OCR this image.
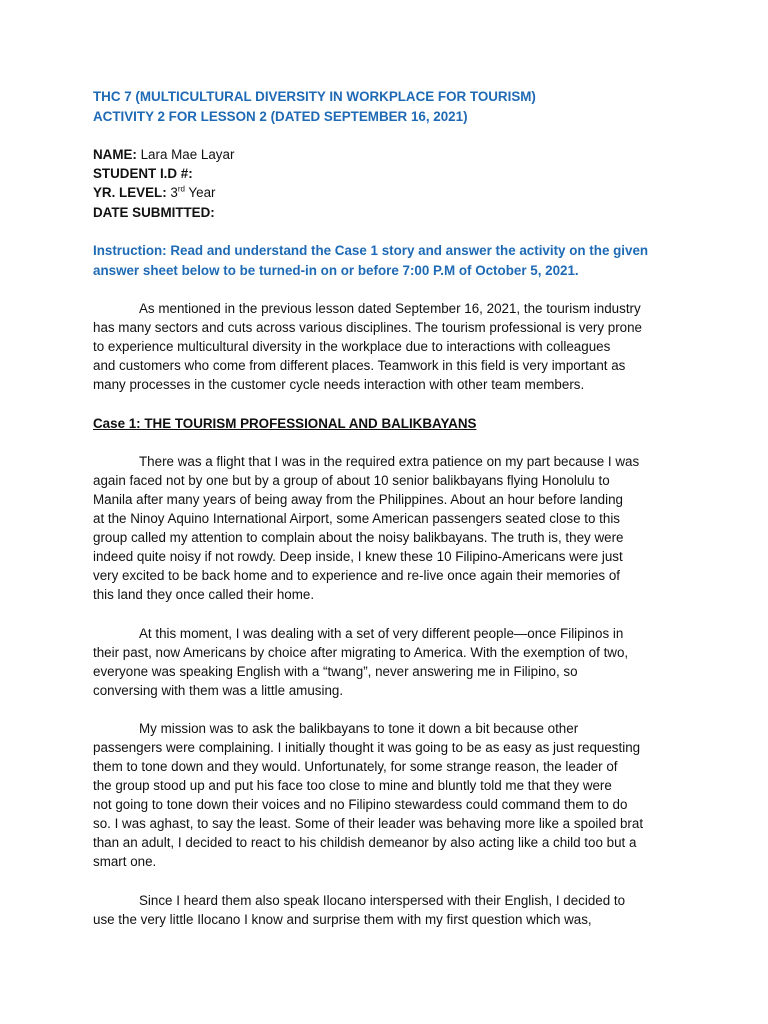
THC 7 (MULTICULTURAL DIVERSITY IN WORKPLACE FOR TOURISM)

ACTIVITY 2 FOR LESSON 2 (DATED SEPTEMBER 16, 2021)

NAME: Lara Mae Layar

STUDENT I.D #:

YR. LEVEL: 3rd Year

DATE SUBMITTED:

Instruction: Read and understand the Case 1 story and answer the activity on the given

answer sheet below to be turned-in on or before 7:00 P.M of October 5, 2021.

As mentioned in the previous lesson dated September 16, 2021, the tourism industry

has many sectors and cuts across various disciplines. The tourism professional is very prone

to experience multicultural diversity in the workplace due to interactions with colleagues

and customers who come from different places. Teamwork in this field is very important as

many processes in the customer cycle needs interaction with other team members.

Case 1: THE TOURISM PROFESSIONAL AND BALIKBAYANS

There was a flight that I was in the required extra patience on my part because I was

again faced not by one but by a group of about 10 senior balikbayans flying Honolulu to

Manila after many years of being away from the Philippines. About an hour before landing

at the Ninoy Aquino International Airport, some American passengers seated close to this

group called my attention to complain about the noisy balikbayans. The truth is, they were

indeed quite noisy if not rowdy. Deep inside, I knew these 10 Filipino-Americans were just

very excited to be back home and to experience and re-live once again their memories of

this land they once called their home.

At this moment, I was dealing with a set of very different people—once Filipinos in

their past, now Americans by choice after migrating to America. With the exemption of two,

everyone was speaking English with a “twang”, never answering me in Filipino, so

conversing with them was a little amusing.

My mission was to ask the balikbayans to tone it down a bit because other

passengers were complaining. I initially thought it was going to be as easy as just requesting

them to tone down and they would. Unfortunately, for some strange reason, the leader of

the group stood up and put his face too close to mine and bluntly told me that they were

not going to tone down their voices and no Filipino stewardess could command them to do

so. I was aghast, to say the least. Some of their leader was behaving more like a spoiled brat

than an adult, I decided to react to his childish demeanor by also acting like a child too but a

smart one.

Since I heard them also speak Ilocano interspersed with their English, I decided to

use the very little Ilocano I know and surprise them with my first question which was,
